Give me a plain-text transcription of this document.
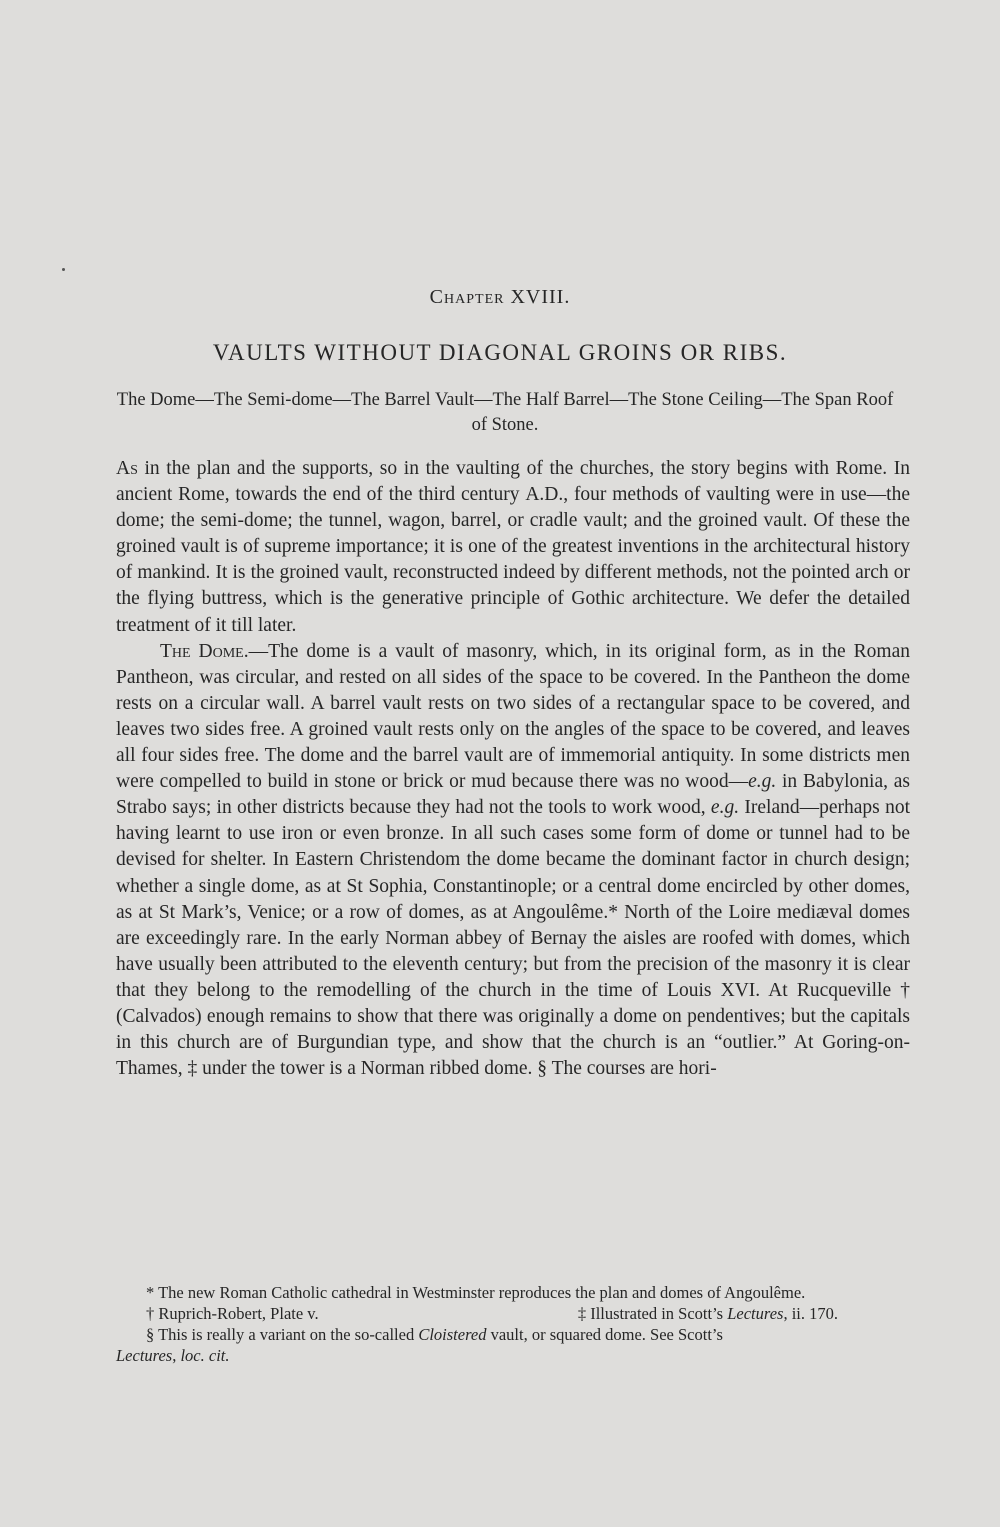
Chapter XVIII.
VAULTS WITHOUT DIAGONAL GROINS OR RIBS.
The Dome—The Semi-dome—The Barrel Vault—The Half Barrel—The Stone Ceiling—The Span Roof of Stone.

As in the plan and the supports, so in the vaulting of the churches, the story begins with Rome. In ancient Rome, towards the end of the third century A.D., four methods of vaulting were in use—the dome; the semi-dome; the tunnel, wagon, barrel, or cradle vault; and the groined vault. Of these the groined vault is of supreme importance; it is one of the greatest inventions in the architectural history of mankind. It is the groined vault, reconstructed indeed by different methods, not the pointed arch or the flying buttress, which is the generative principle of Gothic architecture. We defer the detailed treatment of it till later.

The Dome.—The dome is a vault of masonry, which, in its original form, as in the Roman Pantheon, was circular, and rested on all sides of the space to be covered. In the Pantheon the dome rests on a circular wall. A barrel vault rests on two sides of a rectangular space to be covered, and leaves two sides free. A groined vault rests only on the angles of the space to be covered, and leaves all four sides free. The dome and the barrel vault are of immemorial antiquity. In some districts men were compelled to build in stone or brick or mud because there was no wood—e.g. in Babylonia, as Strabo says; in other districts because they had not the tools to work wood, e.g. Ireland—perhaps not having learnt to use iron or even bronze. In all such cases some form of dome or tunnel had to be devised for shelter. In Eastern Christendom the dome became the dominant factor in church design; whether a single dome, as at St Sophia, Constantinople; or a central dome encircled by other domes, as at St Mark’s, Venice; or a row of domes, as at Angoulême.* North of the Loire mediæval domes are exceedingly rare. In the early Norman abbey of Bernay the aisles are roofed with domes, which have usually been attributed to the eleventh century; but from the precision of the masonry it is clear that they belong to the remodelling of the church in the time of Louis XVI. At Rucqueville † (Calvados) enough remains to show that there was originally a dome on pendentives; but the capitals in this church are of Burgundian type, and show that the church is an “outlier.” At Goring-on-Thames, ‡ under the tower is a Norman ribbed dome. § The courses are hori-

* The new Roman Catholic cathedral in Westminster reproduces the plan and domes of Angoulême.
† Ruprich-Robert, Plate v.	‡ Illustrated in Scott’s Lectures, ii. 170.
§ This is really a variant on the so-called Cloistered vault, or squared dome. See Scott’s
Lectures, loc. cit.
